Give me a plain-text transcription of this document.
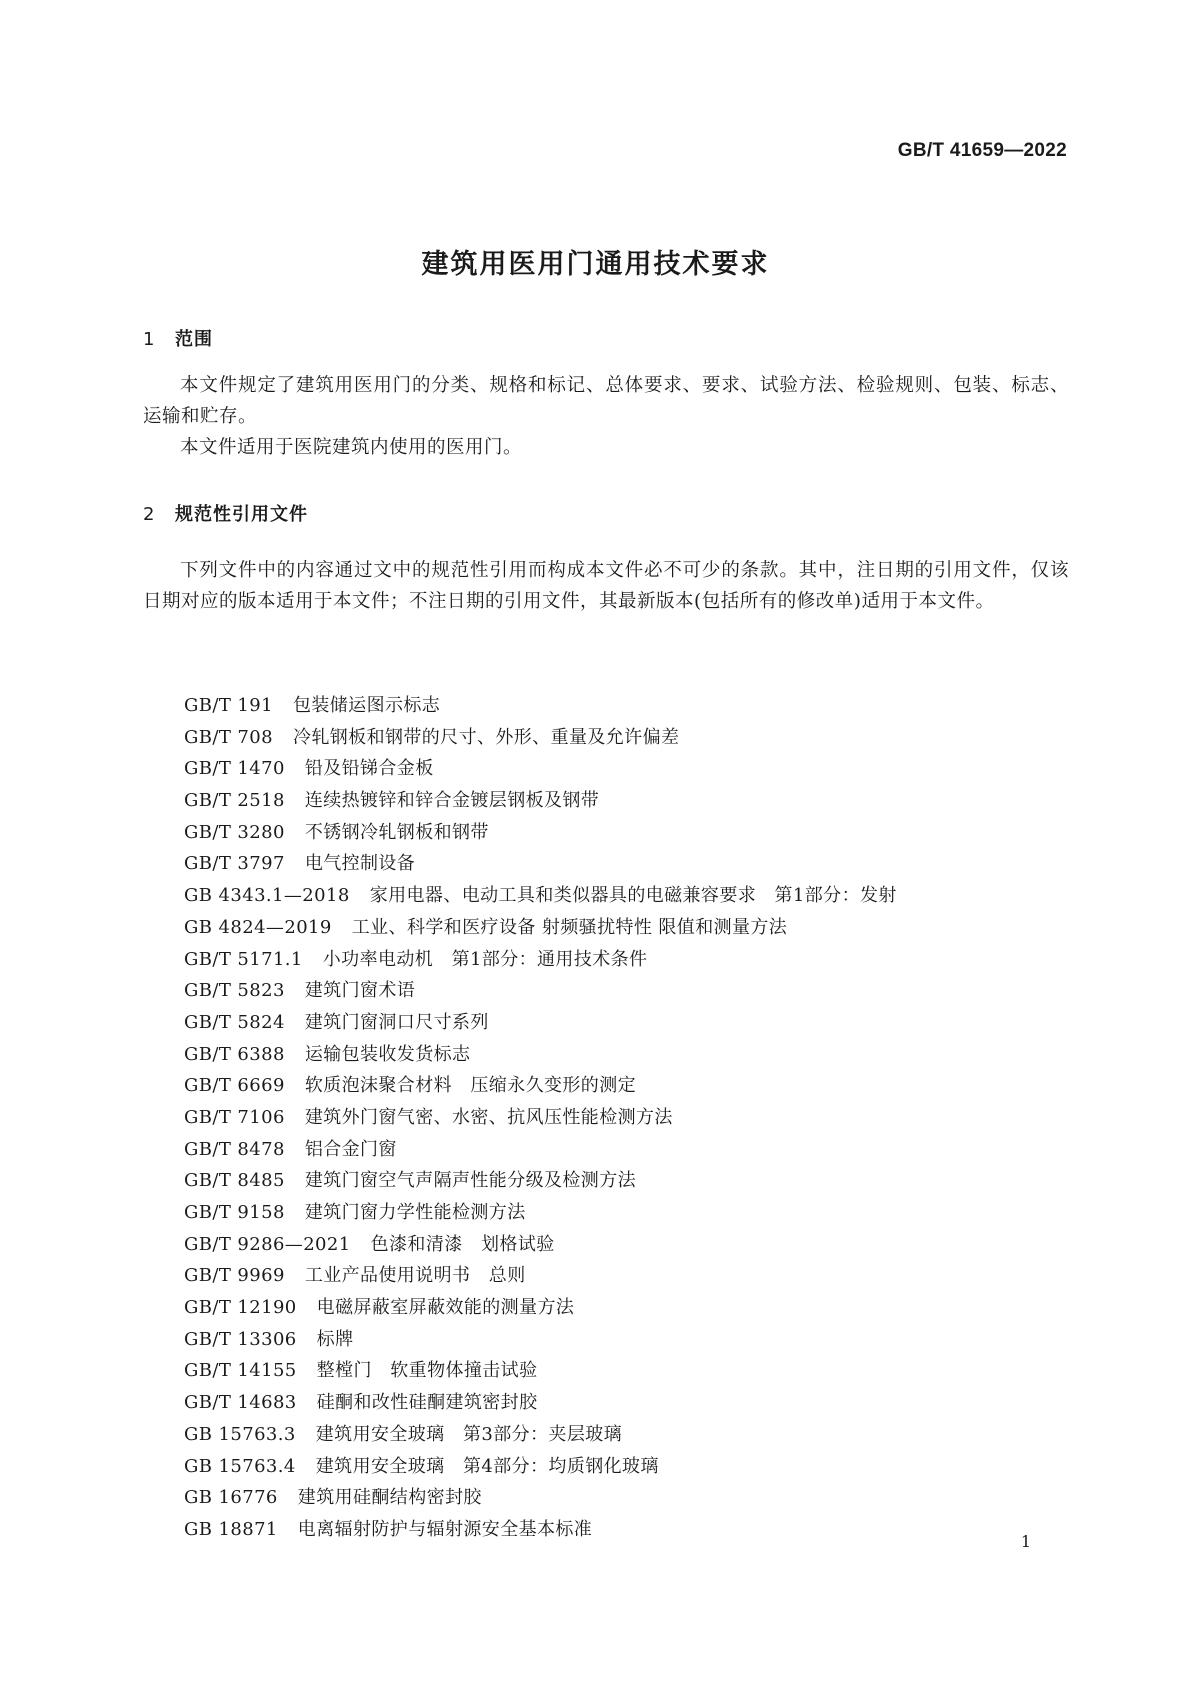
GB/T 41659—2022
建筑用医用门通用技术要求
1 范围

本文件规定了建筑用医用门的分类、规格和标记、总体要求、要求、试验方法、检验规则、包装、标志、运输和贮存。

本文件适用于医院建筑内使用的医用门。

2 规范性引用文件

下列文件中的内容通过文中的规范性引用而构成本文件必不可少的条款。其中，注日期的引用文件，仅该日期对应的版本适用于本文件；不注日期的引用文件，其最新版本(包括所有的修改单)适用于本文件。

GB/T 191 包装储运图示标志
GB/T 708 冷轧钢板和钢带的尺寸、外形、重量及允许偏差
GB/T 1470 铅及铅锑合金板
GB/T 2518 连续热镀锌和锌合金镀层钢板及钢带
GB/T 3280 不锈钢冷轧钢板和钢带
GB/T 3797 电气控制设备
GB 4343.1—2018 家用电器、电动工具和类似器具的电磁兼容要求　第1部分：发射
GB 4824—2019 工业、科学和医疗设备 射频骚扰特性 限值和测量方法
GB/T 5171.1 小功率电动机　第1部分：通用技术条件
GB/T 5823 建筑门窗术语
GB/T 5824 建筑门窗洞口尺寸系列
GB/T 6388 运输包装收发货标志
GB/T 6669 软质泡沫聚合材料　压缩永久变形的测定
GB/T 7106 建筑外门窗气密、水密、抗风压性能检测方法
GB/T 8478 铝合金门窗
GB/T 8485 建筑门窗空气声隔声性能分级及检测方法
GB/T 9158 建筑门窗力学性能检测方法
GB/T 9286—2021 色漆和清漆　划格试验
GB/T 9969 工业产品使用说明书　总则
GB/T 12190 电磁屏蔽室屏蔽效能的测量方法
GB/T 13306 标牌
GB/T 14155 整樘门　软重物体撞击试验
GB/T 14683 硅酮和改性硅酮建筑密封胶
GB 15763.3 建筑用安全玻璃　第3部分：夹层玻璃
GB 15763.4 建筑用安全玻璃　第4部分：均质钢化玻璃
GB 16776 建筑用硅酮结构密封胶
GB 18871 电离辐射防护与辐射源安全基本标准
1
